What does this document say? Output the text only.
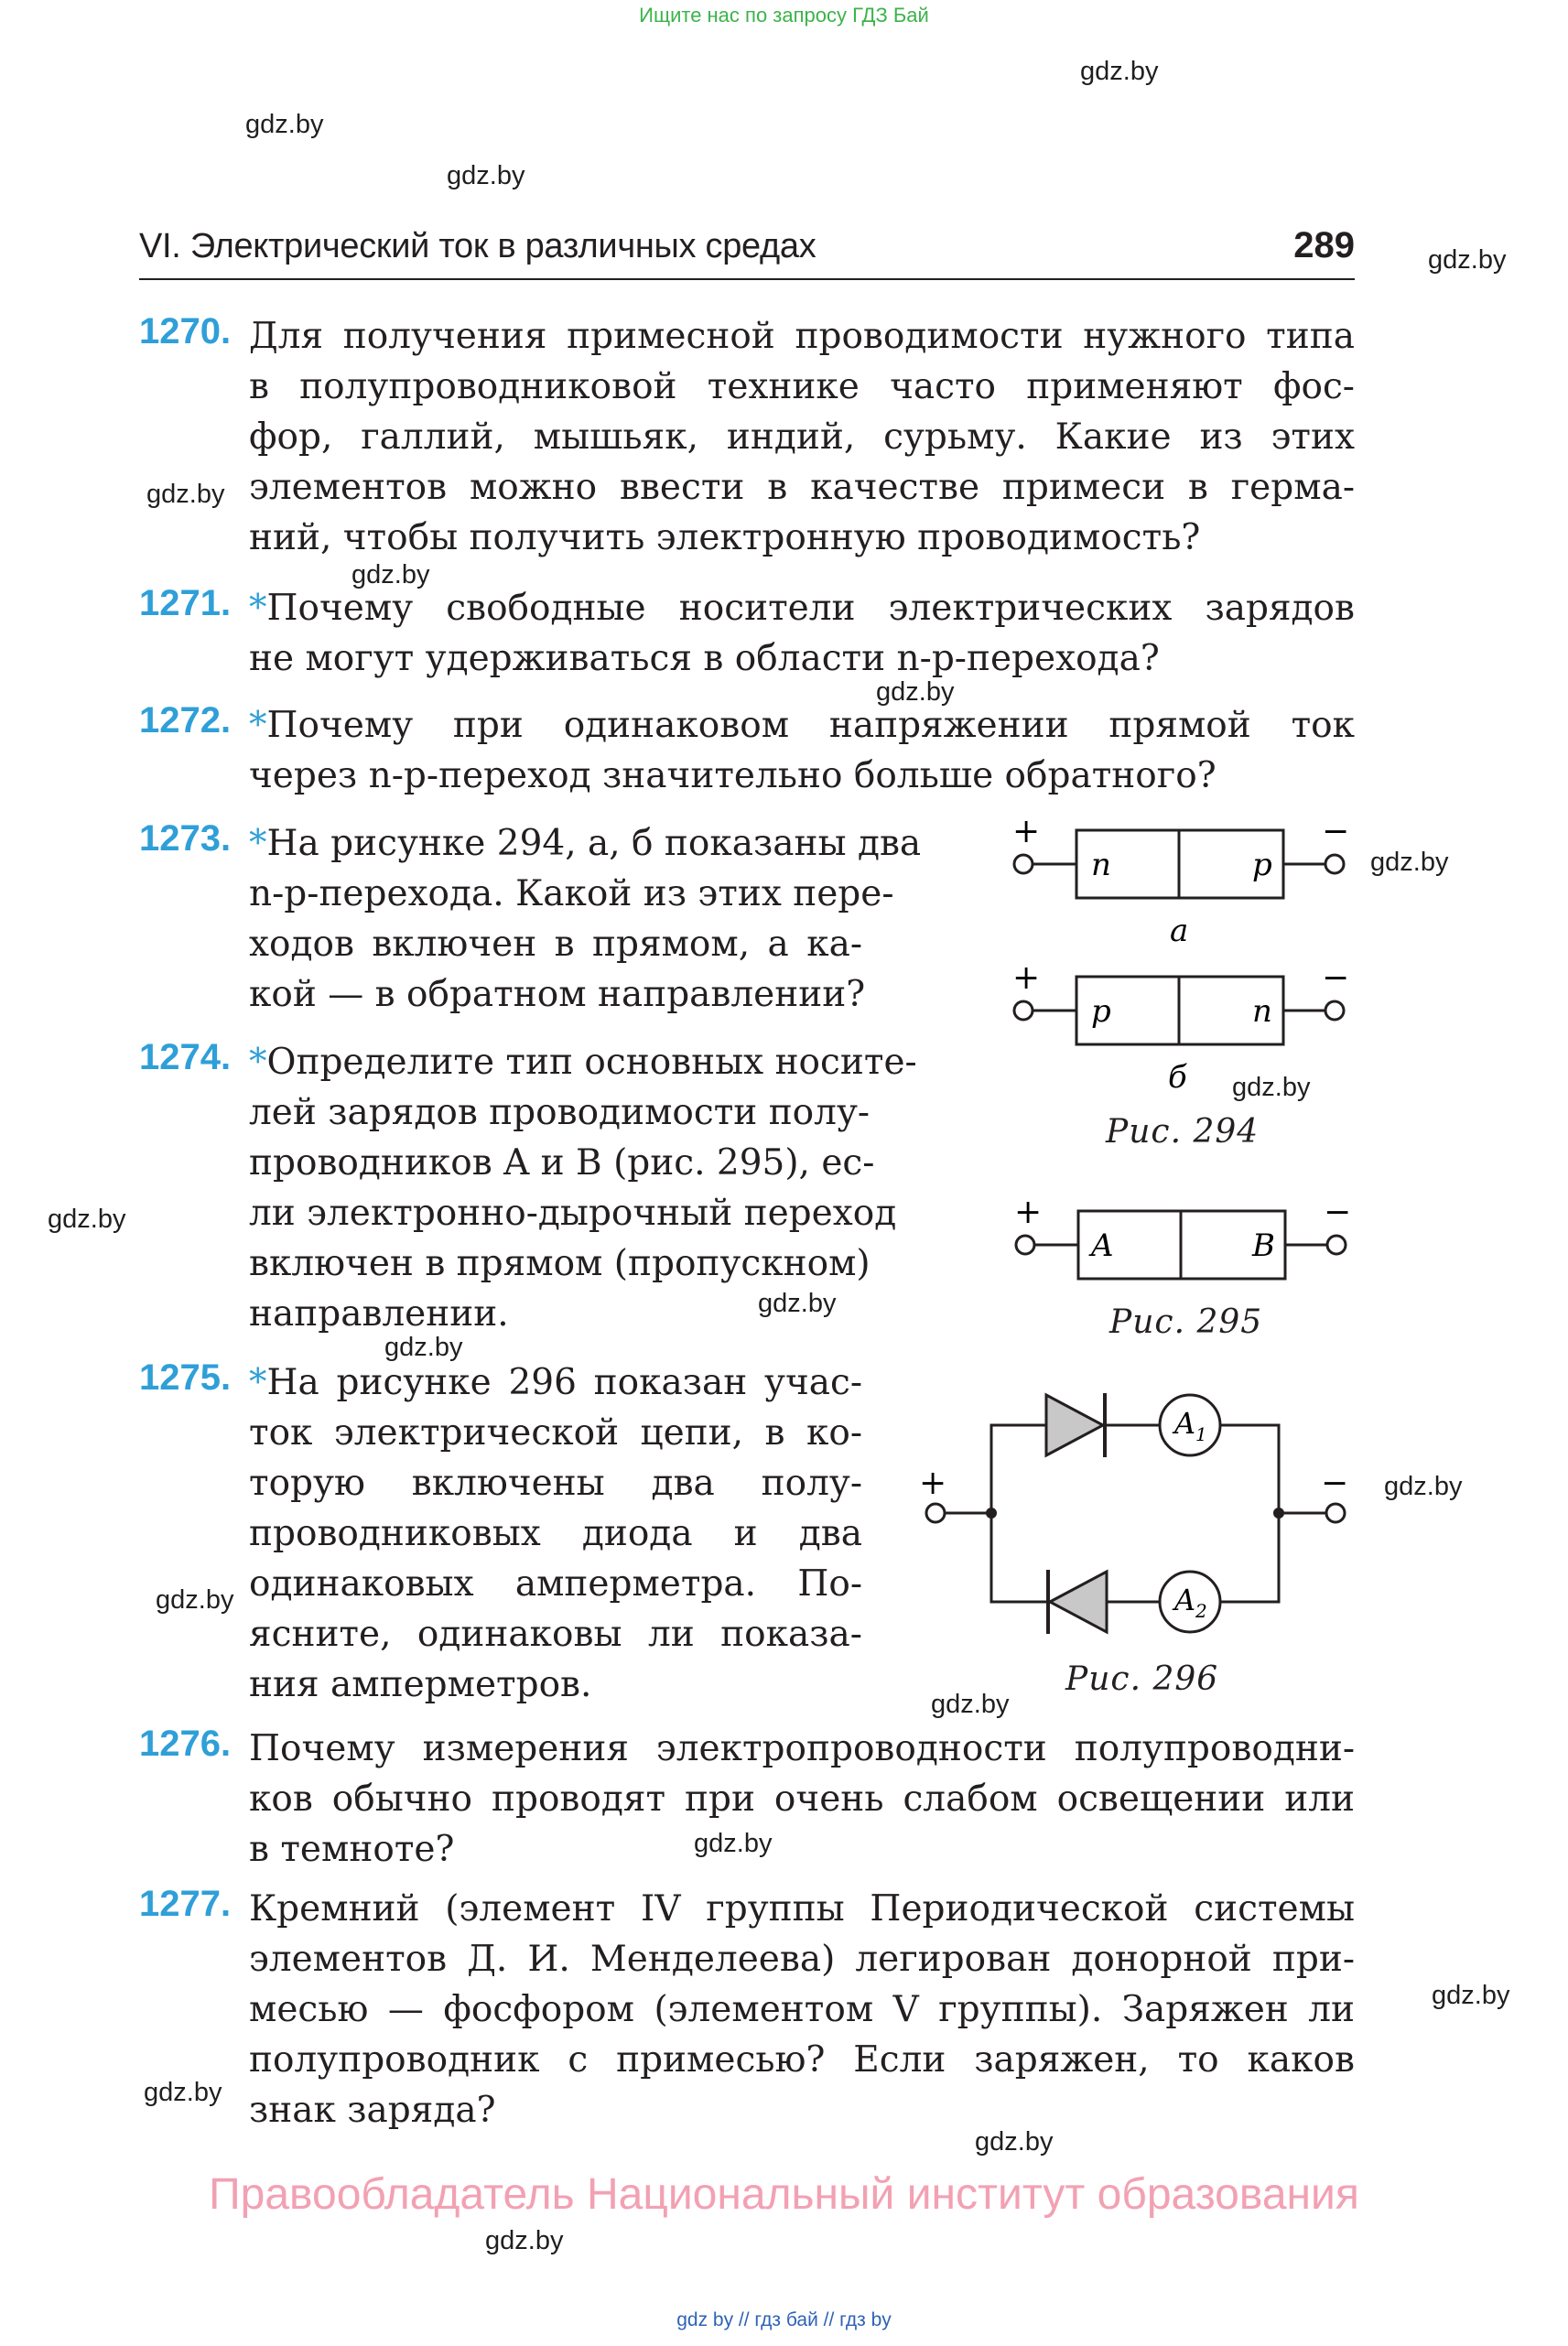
Ищите нас по запросу ГДЗ Бай
gdz.by
gdz.by
gdz.by
gdz.by
gdz.by
gdz.by
gdz.by
gdz.by
gdz.by
gdz.by
gdz.by
gdz.by
gdz.by
gdz.by
gdz.by
gdz.by
gdz.by
gdz.by
gdz.by
gdz.by
VI. Электрический ток в различных средах	289
1270. Для получения примесной проводимости нужного типа
в полупроводниковой технике часто применяют фос-
фор, галлий, мышьяк, индий, сурьму. Какие из этих
элементов можно ввести в качестве примеси в герма-
ний, чтобы получить электронную проводимость?
1271. *Почему свободные носители электрических зарядов
не могут удерживаться в области n-p-перехода?
1272. *Почему при одинаковом напряжении прямой ток
через n-p-переход значительно больше обратного?
1273. *На рисунке 294, а, б показаны два
n-p-перехода. Какой из этих пере-
ходов включен в прямом, а ка-
кой — в обратном направлении?
1274. *Определите тип основных носите-
лей зарядов проводимости полу-
проводников A и B (рис. 295), ес-
ли электронно-дырочный переход
включен в прямом (пропускном)
направлении.
1275. *На рисунке 296 показан учас-
ток электрической цепи, в ко-
торую включены два полу-
проводниковых диода и два
одинаковых амперметра. По-
ясните, одинаковы ли показа-
ния амперметров.
1276. Почему измерения электропроводности полупроводни-
ков обычно проводят при очень слабом освещении или
в темноте?
1277. Кремний (элемент IV группы Периодической системы
элементов Д. И. Менделеева) легирован донорной при-
месью — фосфором (элементом V группы). Заряжен ли
полупроводник с примесью? Если заряжен, то каков
знак заряда?
+	−
n	p
а
+	−
p	n
б
Рис. 294
+	−
A	B
Рис. 295
+	−
A 1
A 2
Рис. 296
Правообладатель Национальный институт образования
gdz by // гдз бай // гдз by
